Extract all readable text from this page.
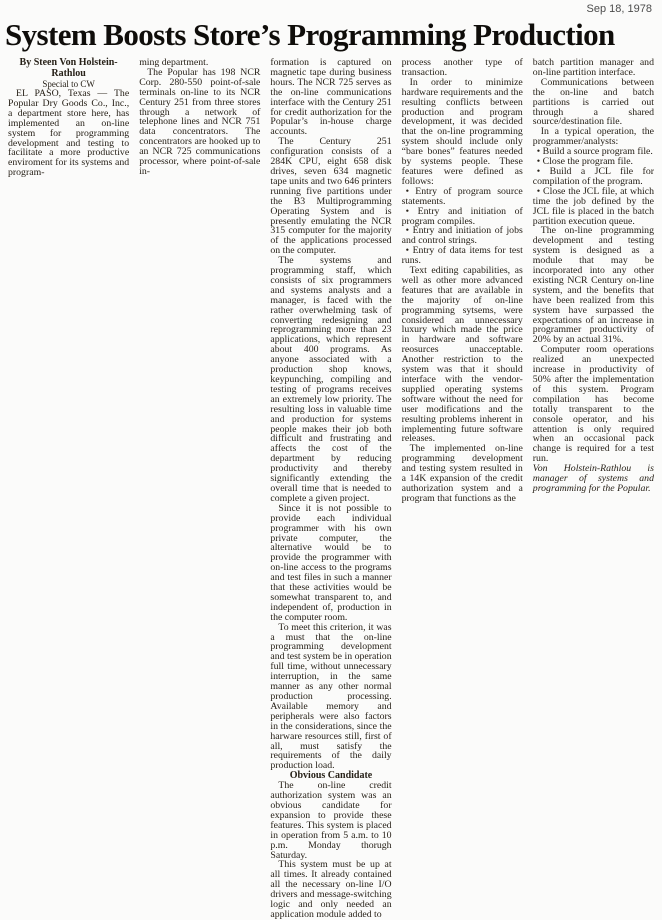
Sep 18, 1978
System Boosts Store’s Programming Production

By Steen Von Holstein-Rathlou

Special to CW

EL PASO, Texas — The Popular Dry Goods Co., Inc., a department store here, has implemented an on-line system for programming development and testing to facilitate a more productive enviroment for its systems and program-

ming department.

The Popular has 198 NCR Corp. 280-550 point-of-sale terminals on-line to its NCR Century 251 from three stores through a network of telephone lines and NCR 751 data concentrators. The concentrators are hooked up to an NCR 725 communications processor, where point-of-sale in-

formation is captured on magnetic tape during business hours. The NCR 725 serves as the on-line communications interface with the Century 251 for credit authorization for the Popular’s in-house charge accounts.

The Century 251 configuration consists of a 284K CPU, eight 658 disk drives, seven 634 magnetic tape units and two 646 printers running five partitions under the B3 Multiprogramming Operating System and is presently emulating the NCR 315 computer for the majority of the applications processed on the computer.

The systems and programming staff, which consists of six programmers and systems analysts and a manager, is faced with the rather overwhelming task of converting redesigning and reprogramming more than 23 applications, which represent about 400 programs. As anyone associated with a production shop knows, keypunching, compiling and testing of programs receives an extremely low priority. The resulting loss in valuable time and production for systems people makes their job both difficult and frustrating and affects the cost of the department by reducing productivity and thereby significantly extending the overall time that is needed to complete a given project.

Since it is not possible to provide each individual programmer with his own private computer, the alternative would be to provide the programmer with on-line access to the programs and test files in such a manner that these activities would be somewhat transparent to, and independent of, production in the computer room.

To meet this criterion, it was a must that the on-line programming development and test system be in operation full time, without unnecessary interruption, in the same manner as any other normal production processing. Available memory and peripherals were also factors in the considerations, since the harware resources still, first of all, must satisfy the requirements of the daily production load.

Obvious Candidate

The on-line credit authorization system was an obvious candidate for expansion to provide these features. This system is placed in operation from 5 a.m. to 10 p.m. Monday thorugh Saturday.

This system must be up at all times. It already contained all the necessary on-line I/O drivers and message-switching logic and only needed an application module added to

process another type of transaction.

In order to minimize hardware requirements and the resulting conflicts between production and program development, it was decided that the on-line programming system should include only “bare bones” features needed by systems people. These features were defined as follows:

• Entry of program source statements.

• Entry and initiation of program compiles.

• Entry and initiation of jobs and control strings.

• Entry of data items for test runs.

Text editing capabilities, as well as other more advanced features that are available in the majority of on-line programming sytsems, were considered an unnecessary luxury which made the price in hardware and software reosurces unacceptable. Another restriction to the system was that it should interface with the vendor-supplied operating systems software without the need for user modifications and the resulting problems inherent in implementing future software releases.

The implemented on-line programming development and testing system resulted in a 14K expansion of the credit authorization system and a program that functions as the

batch partition manager and on-line partition interface.

Communications between the on-line and batch partitions is carried out through a shared source/destination file.

In a typical operation, the programmer/analysts:

• Build a source program file.

• Close the program file.

• Build a JCL file for compilation of the program.

• Close the JCL file, at which time the job defined by the JCL file is placed in the batch partition execution queue.

The on-line programming development and testing system is designed as a module that may be incorporated into any other existing NCR Century on-line system, and the benefits that have been realized from this system have surpassed the expectations of an increase in programmer productivity of 20% by an actual 31%.

Computer room operations realized an unexpected increase in productivity of 50% after the implementation of this system. Program compilation has become totally transparent to the console operator, and his attention is only required when an occasional pack change is required for a test run.

Von Holstein-Rathlou is manager of systems and programming for the Popular.
